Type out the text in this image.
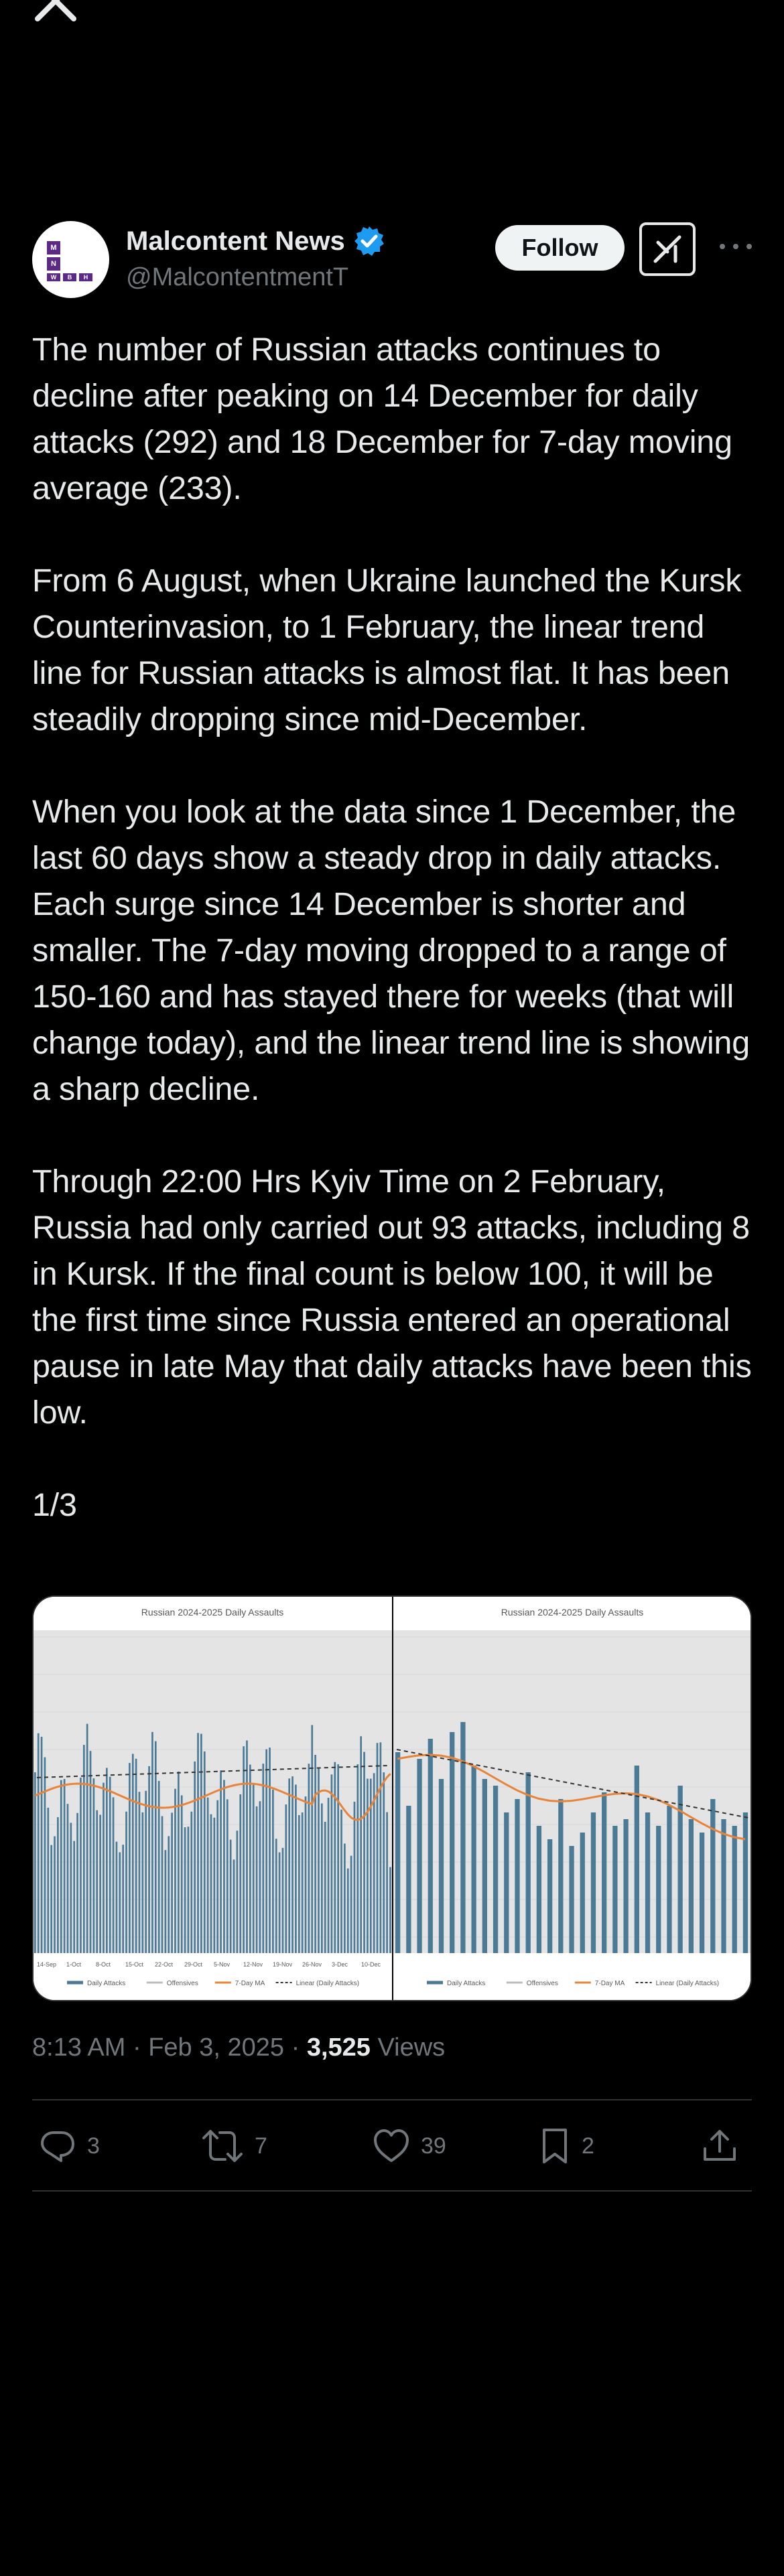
M
N
W	B	H Q
Malcontent News
@MalcontentmentT
Follow
The number of Russian attacks continues to decline after peaking on 14 December for daily attacks (292) and 18 December for 7-day moving average (233).

From 6 August, when Ukraine launched the Kursk Counterinvasion, to 1 February, the linear trend line for Russian attacks is almost flat. It has been steadily dropping since mid-December.

When you look at the data since 1 December, the last 60 days show a steady drop in daily attacks. Each surge since 14 December is shorter and smaller. The 7-day moving dropped to a range of 150-160 and has stayed there for weeks (that will change today), and the linear trend line is showing a sharp decline.

Through 22:00 Hrs Kyiv Time on 2 February, Russia had only carried out 93 attacks, including 8 in Kursk. If the final count is below 100, it will be the first time since Russia entered an operational pause in late May that daily attacks have been this low.

1/3
Russian 2024-2025 Daily Assaults
14-Sep 1-Oct 8-Oct 15-Oct 22-Oct 29-Oct 5-Nov 12-Nov 19-Nov 26-Nov 3-Dec 10-Dec
Daily Attacks	Offensives	7-Day MA	Linear (Daily Attacks)
Russian 2024-2025 Daily Assaults
Daily Attacks	Offensives	7-Day MA	Linear (Daily Attacks)
8:13 AM · Feb 3, 2025 · 3,525 Views
3	7	39	2
